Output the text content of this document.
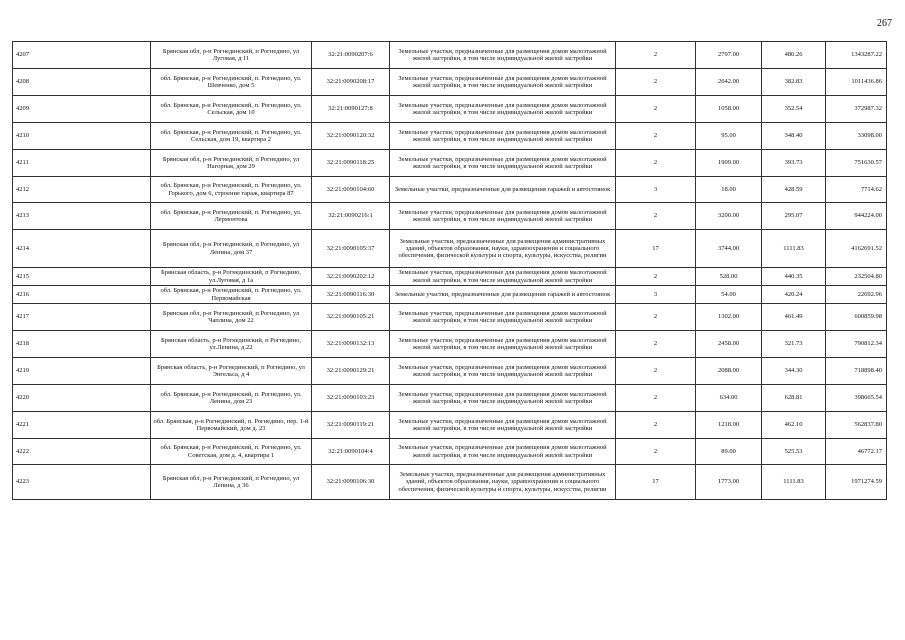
267
4207	Брянская обл, р-н Рогнединский, п Рогнедино, ул Луговая, д 11	32:21:0090207:6	Земельные участки, предназначенные для размещения домов малоэтажной жилой застройки, в том числе индивидуальной жилой застройки	2	2797.00	480.26	1343287.22
4208	обл. Брянская, р-н Рогнединский, п. Рогнедино, ул. Шевченко, дом 5	32:21:0090208:17	Земельные участки, предназначенные для размещения домов малоэтажной жилой застройки, в том числе индивидуальной жилой застройки	2	2642.00	382.83	1011436.86
4209	обл. Брянская, р-н Рогнединский, п. Рогнедино, ул. Сельская, дом 10	32:21:0090127:8	Земельные участки, предназначенные для размещения домов малоэтажной жилой застройки, в том числе индивидуальной жилой застройки	2	1058.00	352.54	372987.32
4210	обл. Брянская, р-н Рогнединский, п. Рогнедино, ул. Сельская, дом 19, квартира 2	32:21:0090120:32	Земельные участки, предназначенные для размещения домов малоэтажной жилой застройки, в том числе индивидуальной жилой застройки	2	95.00	348.40	33098.00
4211	Брянская обл, р-н Рогнединский, п Рогнедино, ул Нагорная, дом 29	32:21:0090118:25	Земельные участки, предназначенные для размещения домов малоэтажной жилой застройки, в том числе индивидуальной жилой застройки	2	1909.00	393.73	751630.57
4212	обл. Брянская, р-н Рогнединский, п. Рогнедино, ул. Горького, дом 6, строение гараж, квартира 87	32:21:0090104:60	Земельные участки, предназначенные для размещения гаражей и автостоянок	3	18.00	428.59	7714.62
4213	обл. Брянская, р-н Рогнединский, п. Рогнедино, ул. Лермонтова	32:21:0090216:1	Земельные участки, предназначенные для размещения домов малоэтажной жилой застройки, в том числе индивидуальной жилой застройки	2	3200.00	295.07	944224.00
4214	Брянская обл, р-н Рогнединский, п Рогнедино, ул Ленина, дом 37	32:21:0090105:37	Земельные участки, предназначенные для размещения административных зданий, объектов образования, науки, здравоохранения и социального обеспечения, физической культуры и спорта, культуры, искусства, религии	17	3744.00	1111.83	4162691.52
4215	Брянская область, р-н Рогнединский, п Рогнедино, ул.Луговая, д 1а	32:21:0090202:12	Земельные участки, предназначенные для размещения домов малоэтажной жилой застройки, в том числе индивидуальной жилой застройки	2	528.00	440.35	232504.80
4216	обл. Брянская, р-н Рогнединский, п. Рогнедино, ул. Первомайская	32:21:0090116:30	Земельные участки, предназначенные для размещения гаражей и автостоянок	3	54.00	420.24	22692.96
4217	Брянская обл, р-н Рогнединский, п Рогнедино, ул Чаплина, дом 22	32:21:0090105:21	Земельные участки, предназначенные для размещения домов малоэтажной жилой застройки, в том числе индивидуальной жилой застройки	2	1302.00	461.49	600859.98
4218	Брянская область, р-н Рогнединский, п Рогнедино, ул.Ленина, д.22	32:21:0090132:13	Земельные участки, предназначенные для размещения домов малоэтажной жилой застройки, в том числе индивидуальной жилой застройки	2	2458.00	321.73	790812.34
4219	Брянская область, р-н Рогнединский, п Рогнедино, ул Энгельса, д 4	32:21:0090129:21	Земельные участки, предназначенные для размещения домов малоэтажной жилой застройки, в том числе индивидуальной жилой застройки	2	2088.00	344.30	718898.40
4220	обл. Брянская, р-н Рогнединский, п. Рогнедино, ул. Ленина, дом 23	32:21:0090103:23	Земельные участки, предназначенные для размещения домов малоэтажной жилой застройки, в том числе индивидуальной жилой застройки	2	634.00	628.81	398665.54
4221	обл. Брянская, р-н Рогнединский, п. Рогнедино, пер. 1-й Первомайский, дом д. 23	32:21:0090119:21	Земельные участки, предназначенные для размещения домов малоэтажной жилой застройки, в том числе индивидуальной жилой застройки	2	1218.00	462.10	562837.80
4222	обл. Брянская, р-н Рогнединский, п. Рогнедино, ул. Советская, дом д. 4, квартира 1	32:21:0090104:4	Земельные участки, предназначенные для размещения домов малоэтажной жилой застройки, в том числе индивидуальной жилой застройки	2	89.00	525.53	46772.17
4223	Брянская обл, р-н Рогнединский, п Рогнедино, ул Ленина, д 36	32:21:0090106:30	Земельные участки, предназначенные для размещения административных зданий, объектов образования, науки, здравоохранения и социального обеспечения, физической культуры и спорта, культуры, искусства, религии	17	1773.00	1111.83	1971274.59
